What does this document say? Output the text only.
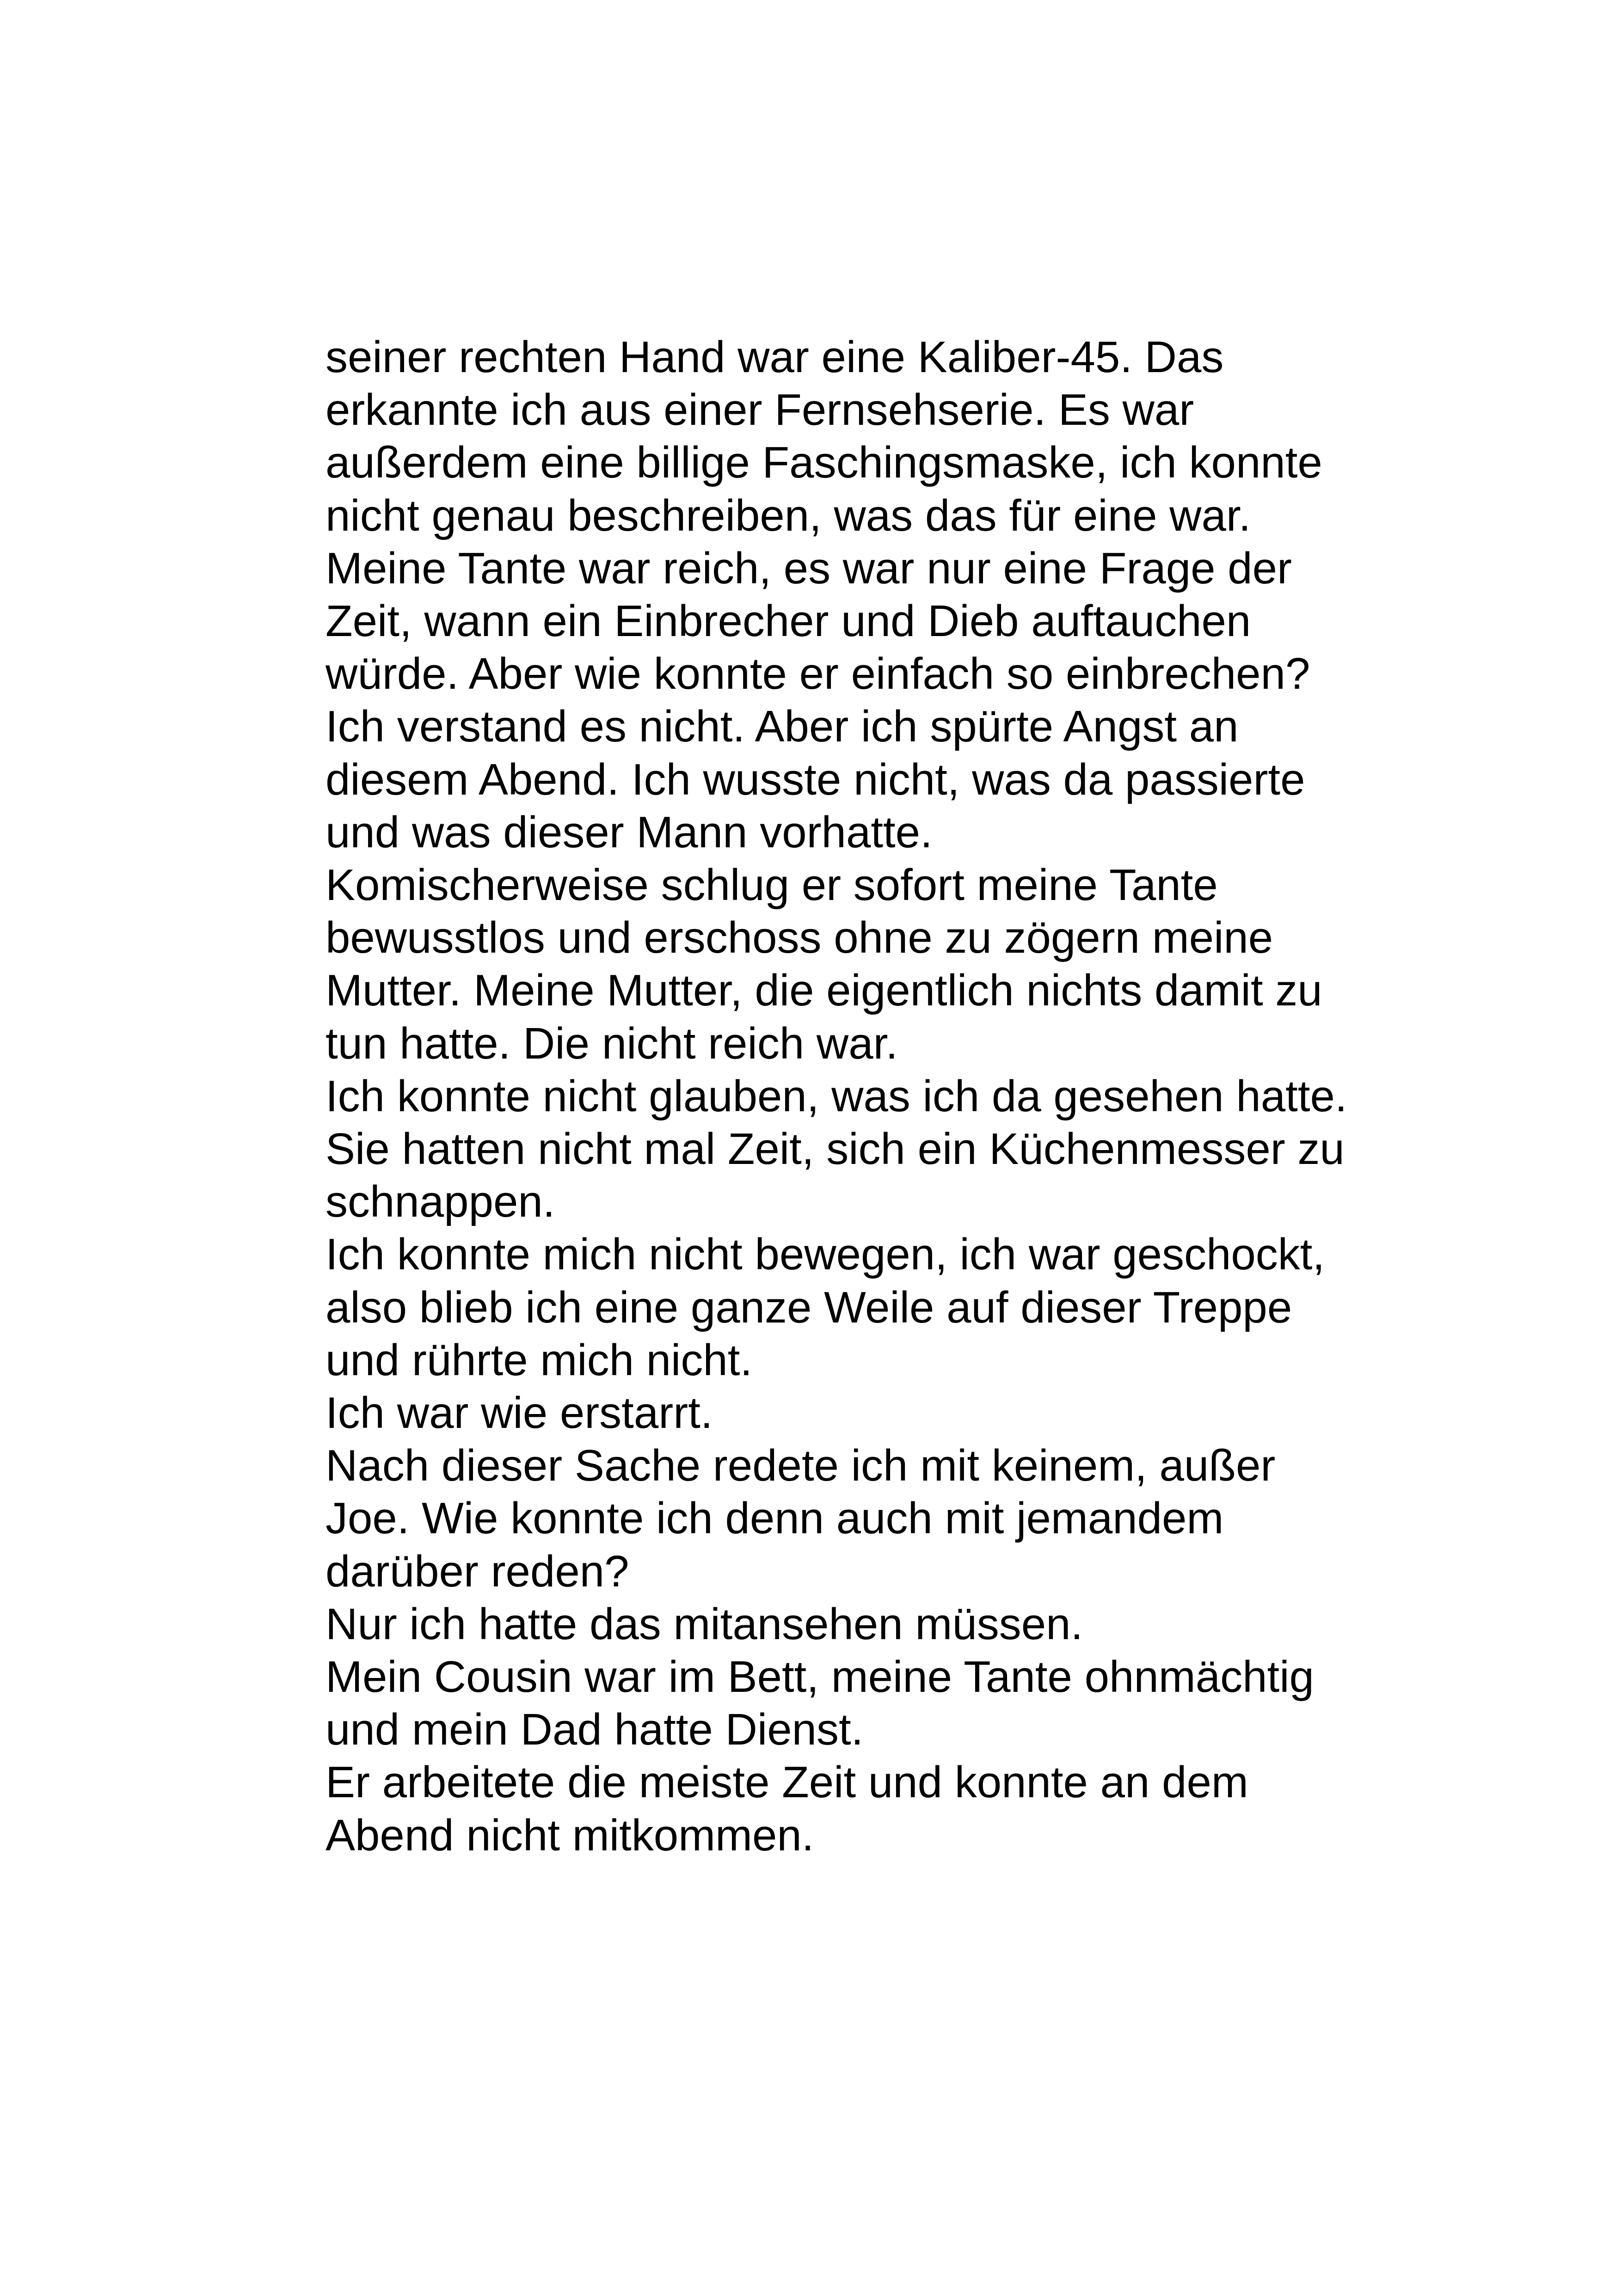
seiner rechten Hand war eine Kaliber-45. Das
erkannte ich aus einer Fernsehserie. Es war
außerdem eine billige Faschingsmaske, ich konnte
nicht genau beschreiben, was das für eine war.
Meine Tante war reich, es war nur eine Frage der
Zeit, wann ein Einbrecher und Dieb auftauchen
würde. Aber wie konnte er einfach so einbrechen?
Ich verstand es nicht. Aber ich spürte Angst an
diesem Abend. Ich wusste nicht, was da passierte
und was dieser Mann vorhatte.
Komischerweise schlug er sofort meine Tante
bewusstlos und erschoss ohne zu zögern meine
Mutter. Meine Mutter, die eigentlich nichts damit zu
tun hatte. Die nicht reich war.
Ich konnte nicht glauben, was ich da gesehen hatte.
Sie hatten nicht mal Zeit, sich ein Küchenmesser zu
schnappen.
Ich konnte mich nicht bewegen, ich war geschockt,
also blieb ich eine ganze Weile auf dieser Treppe
und rührte mich nicht.
Ich war wie erstarrt.
Nach dieser Sache redete ich mit keinem, außer
Joe. Wie konnte ich denn auch mit jemandem
darüber reden?
Nur ich hatte das mitansehen müssen.
Mein Cousin war im Bett, meine Tante ohnmächtig
und mein Dad hatte Dienst.
Er arbeitete die meiste Zeit und konnte an dem
Abend nicht mitkommen.
